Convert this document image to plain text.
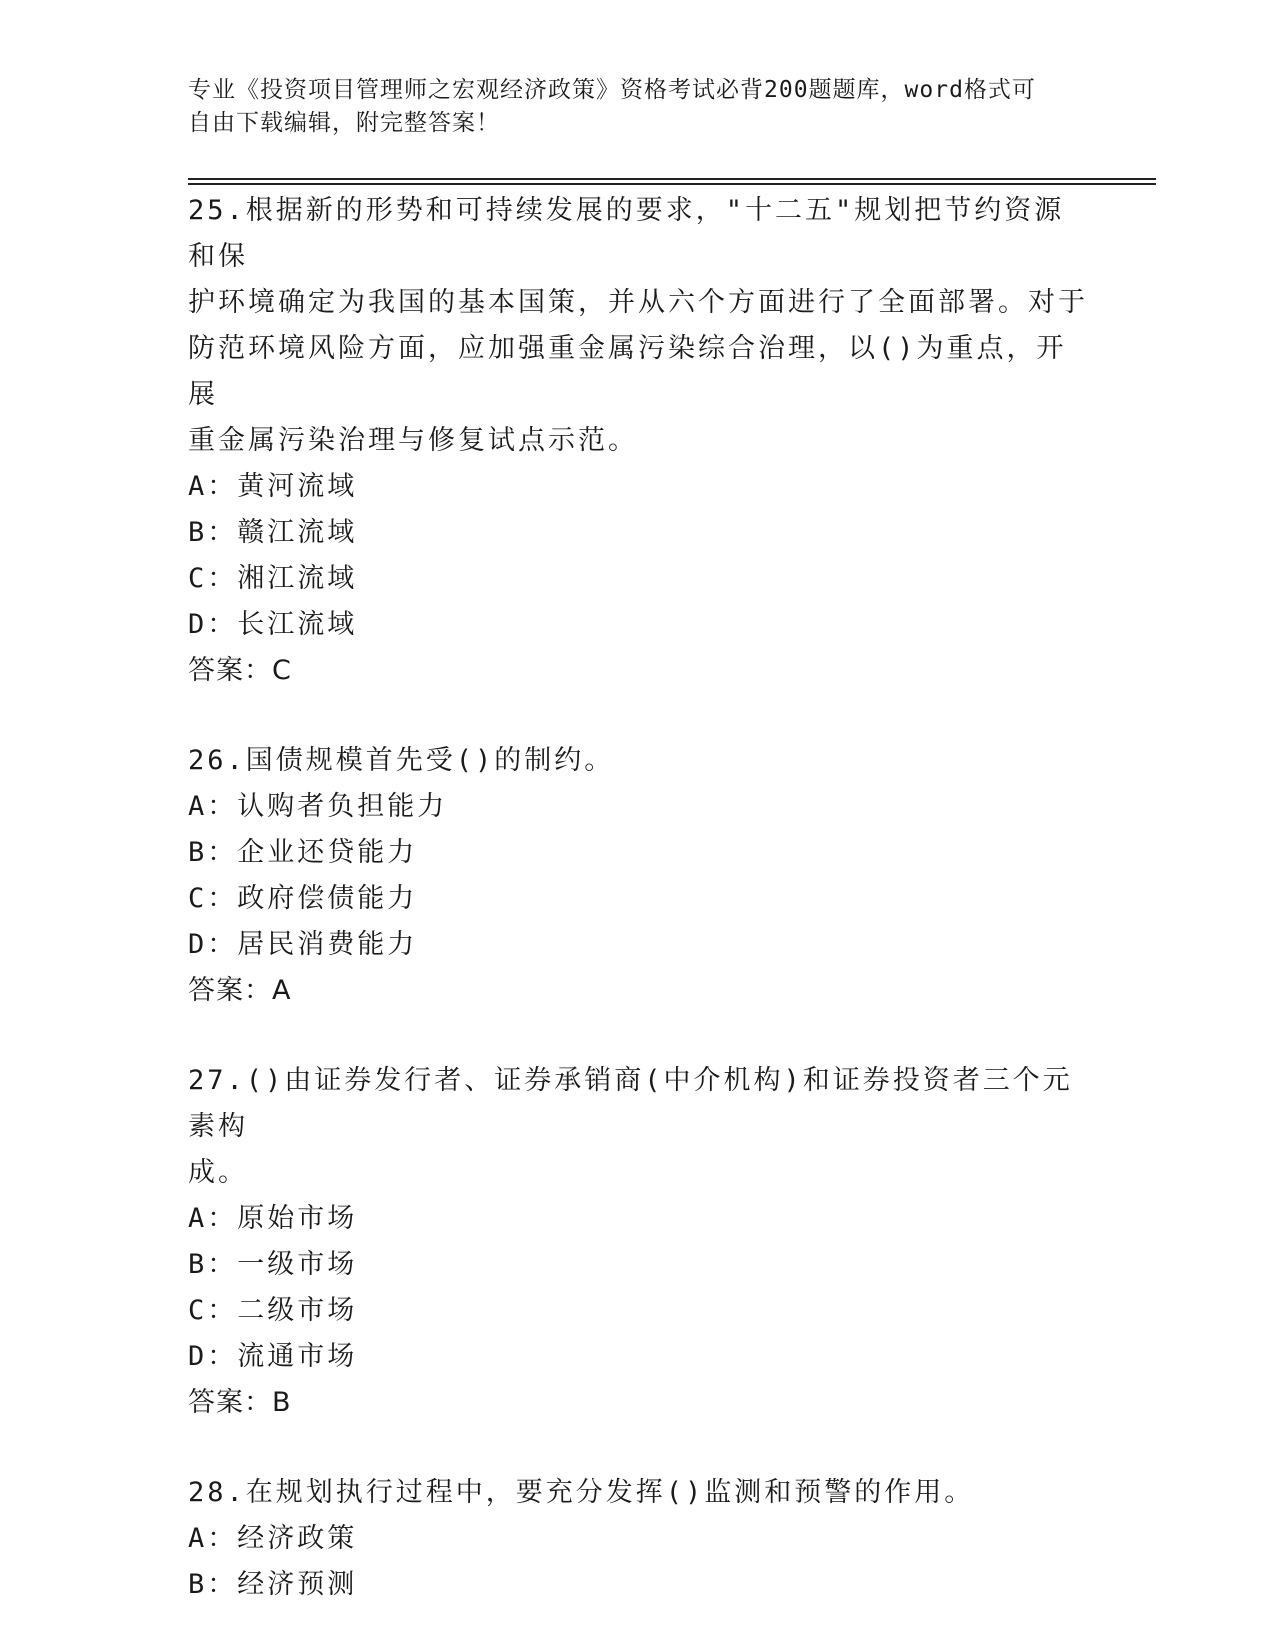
专业《投资项目管理师之宏观经济政策》资格考试必背200题题库，word格式可
自由下载编辑，附完整答案！
25.根据新的形势和可持续发展的要求，"十二五"规划把节约资源和保
护环境确定为我国的基本国策，并从六个方面进行了全面部署。对于
防范环境风险方面，应加强重金属污染综合治理，以()为重点，开展
重金属污染治理与修复试点示范。
A：黄河流域
B：赣江流域
C：湘江流域
D：长江流域
答案：C
26.国债规模首先受()的制约。
A：认购者负担能力
B：企业还贷能力
C：政府偿债能力
D：居民消费能力
答案：A
27.()由证券发行者、证券承销商(中介机构)和证券投资者三个元素构
成。
A：原始市场
B：一级市场
C：二级市场
D：流通市场
答案：B
28.在规划执行过程中，要充分发挥()监测和预警的作用。
A：经济政策
B：经济预测
